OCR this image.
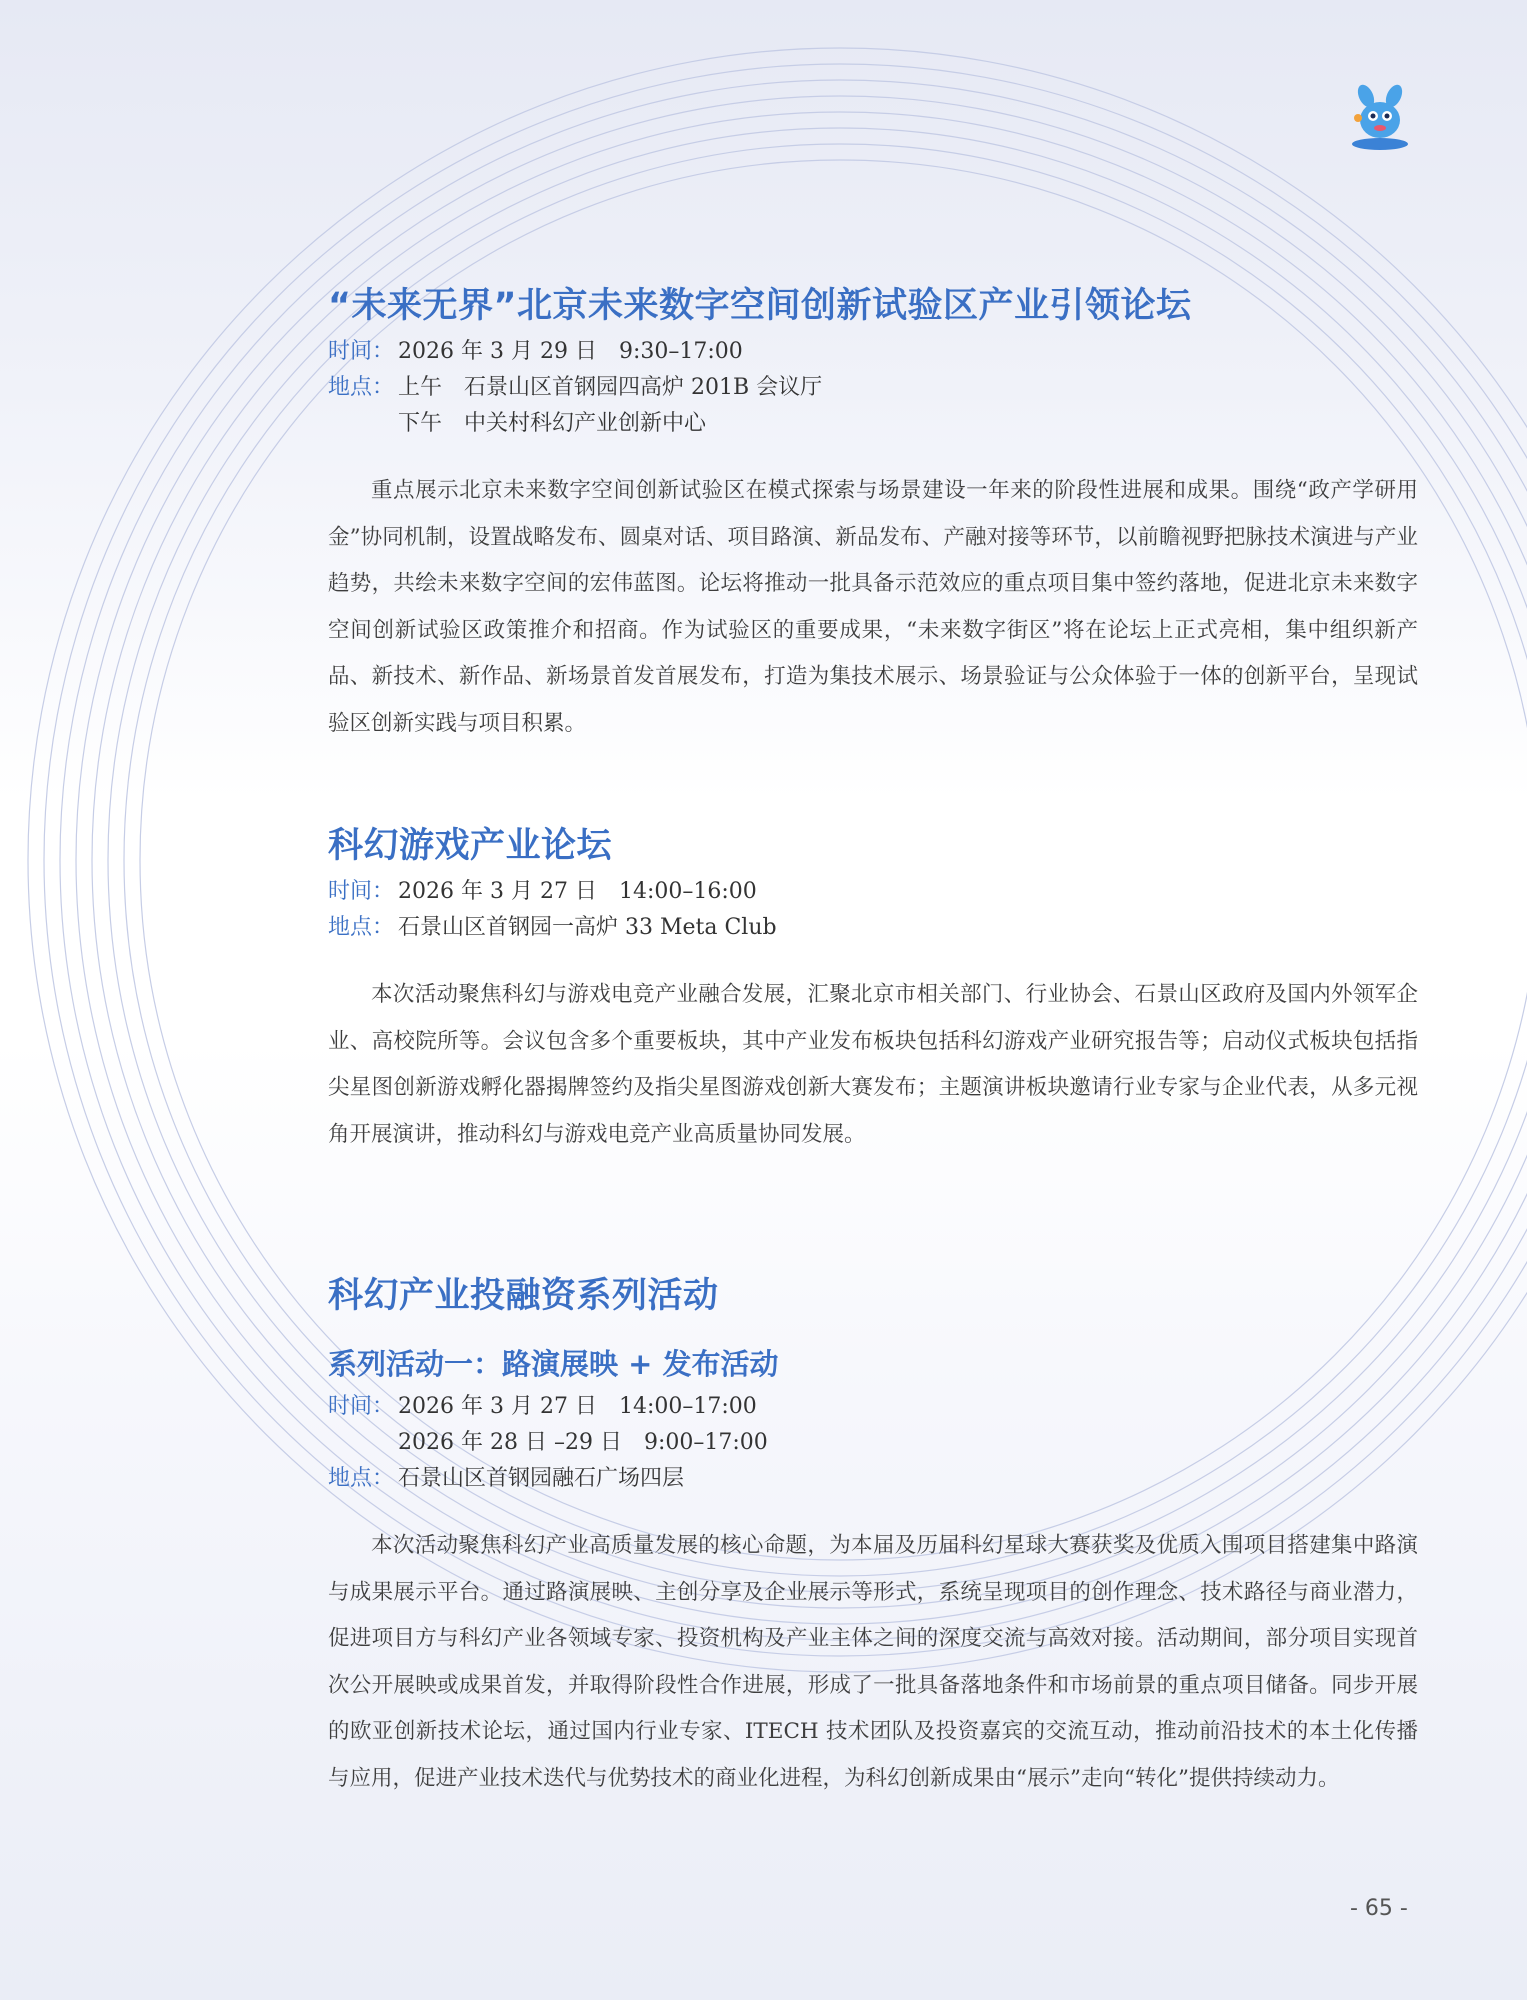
“未来无界”北京未来数字空间创新试验区产业引领论坛
时间： 2026 年 3 月 29 日　9:30–17:00
地点： 上午　石景山区首钢园四高炉 201B 会议厅
下午　中关村科幻产业创新中心

重点展示北京未来数字空间创新试验区在模式探索与场景建设一年来的阶段性进展和成果。围绕“政产学研用金”协同机制，设置战略发布、圆桌对话、项目路演、新品发布、产融对接等环节，以前瞻视野把脉技术演进与产业趋势，共绘未来数字空间的宏伟蓝图。论坛将推动一批具备示范效应的重点项目集中签约落地，促进北京未来数字空间创新试验区政策推介和招商。作为试验区的重要成果，“未来数字街区”将在论坛上正式亮相，集中组织新产品、新技术、新作品、新场景首发首展发布，打造为集技术展示、场景验证与公众体验于一体的创新平台，呈现试验区创新实践与项目积累。

科幻游戏产业论坛
时间： 2026 年 3 月 27 日　14:00–16:00
地点： 石景山区首钢园一高炉 33 Meta Club

本次活动聚焦科幻与游戏电竞产业融合发展，汇聚北京市相关部门、行业协会、石景山区政府及国内外领军企业、高校院所等。会议包含多个重要板块，其中产业发布板块包括科幻游戏产业研究报告等；启动仪式板块包括指尖星图创新游戏孵化器揭牌签约及指尖星图游戏创新大赛发布；主题演讲板块邀请行业专家与企业代表，从多元视角开展演讲，推动科幻与游戏电竞产业高质量协同发展。

科幻产业投融资系列活动
系列活动一：路演展映 + 发布活动
时间： 2026 年 3 月 27 日　14:00–17:00
2026 年 28 日 –29 日　9:00–17:00
地点： 石景山区首钢园融石广场四层

本次活动聚焦科幻产业高质量发展的核心命题，为本届及历届科幻星球大赛获奖及优质入围项目搭建集中路演与成果展示平台。通过路演展映、主创分享及企业展示等形式，系统呈现项目的创作理念、技术路径与商业潜力，促进项目方与科幻产业各领域专家、投资机构及产业主体之间的深度交流与高效对接。活动期间，部分项目实现首次公开展映或成果首发，并取得阶段性合作进展，形成了一批具备落地条件和市场前景的重点项目储备。同步开展的欧亚创新技术论坛，通过国内行业专家、ITECH 技术团队及投资嘉宾的交流互动，推动前沿技术的本土化传播与应用，促进产业技术迭代与优势技术的商业化进程，为科幻创新成果由“展示”走向“转化”提供持续动力。

- 65 -
